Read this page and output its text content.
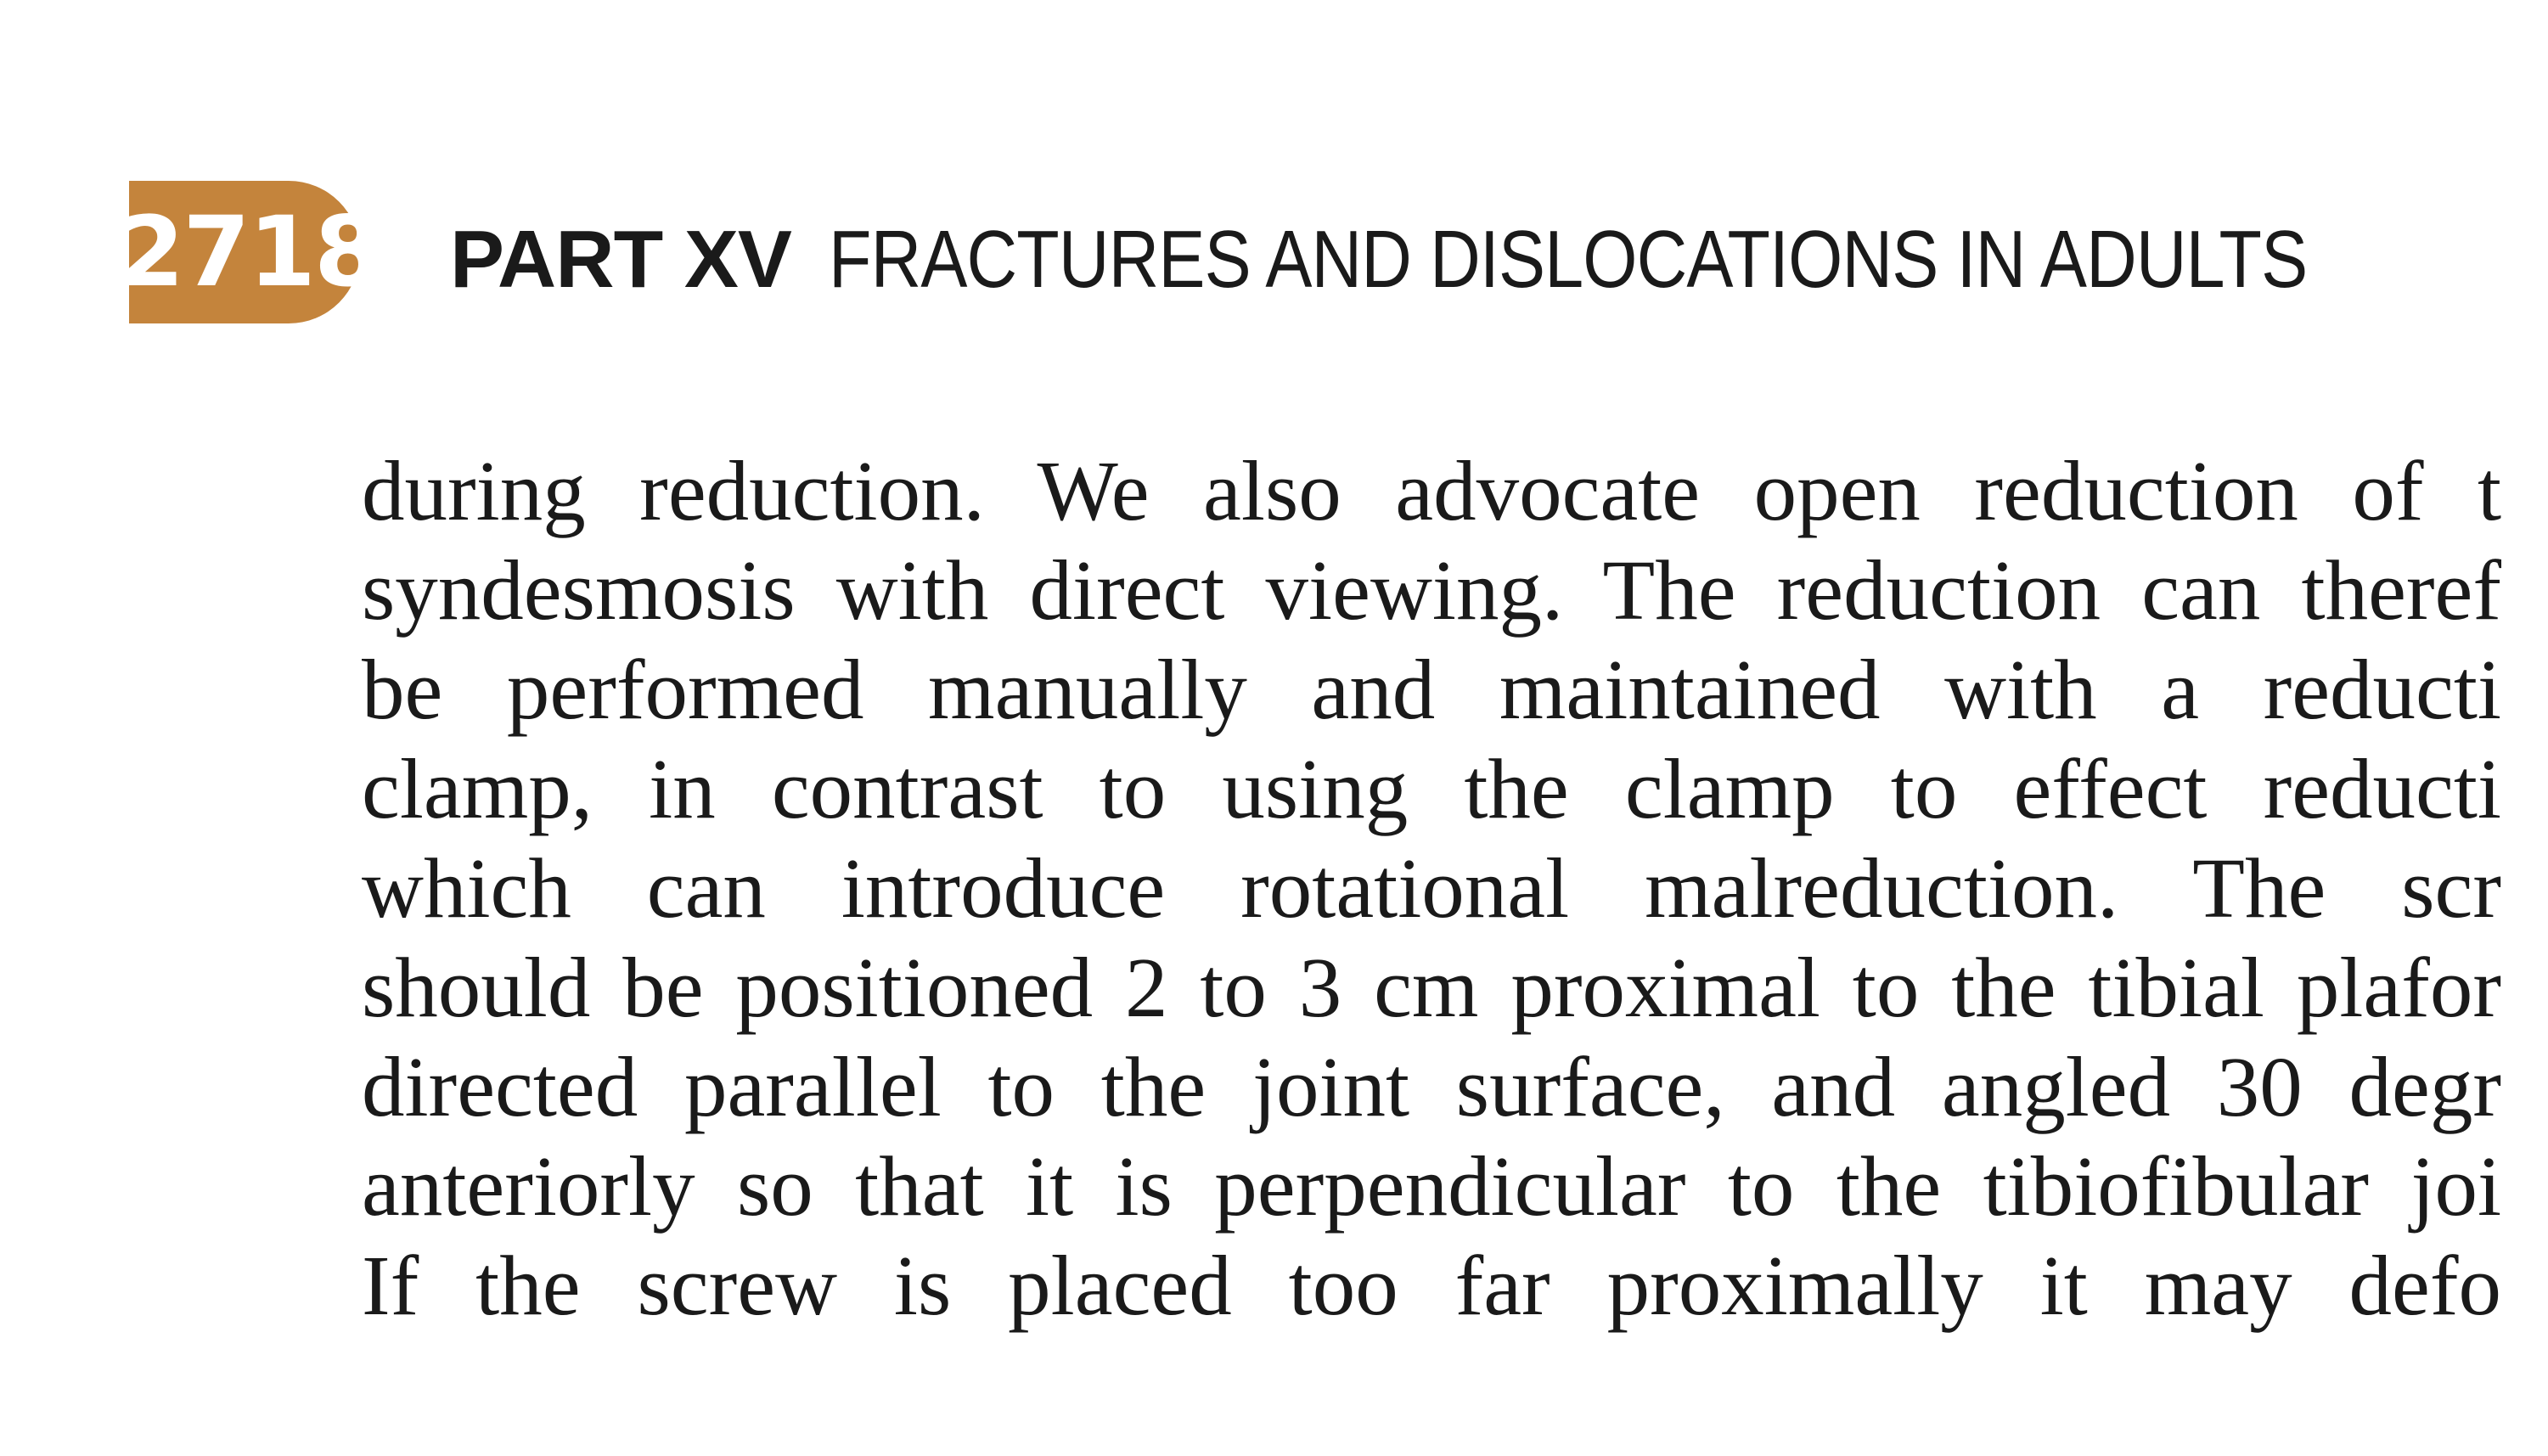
2718 PART XV FRACTURES AND DISLOCATIONS IN ADULTS
during reduction. We also advocate open reduction of t
syndesmosis with direct viewing. The reduction can theref
be performed manually and maintained with a reducti
clamp, in contrast to using the clamp to effect reducti
which can introduce rotational malreduction. The scr
should be positioned 2 to 3 cm proximal to the tibial plafor
directed parallel to the joint surface, and angled 30 degr
anteriorly so that it is perpendicular to the tibiofibular joi
If the screw is placed too far proximally it may defo
